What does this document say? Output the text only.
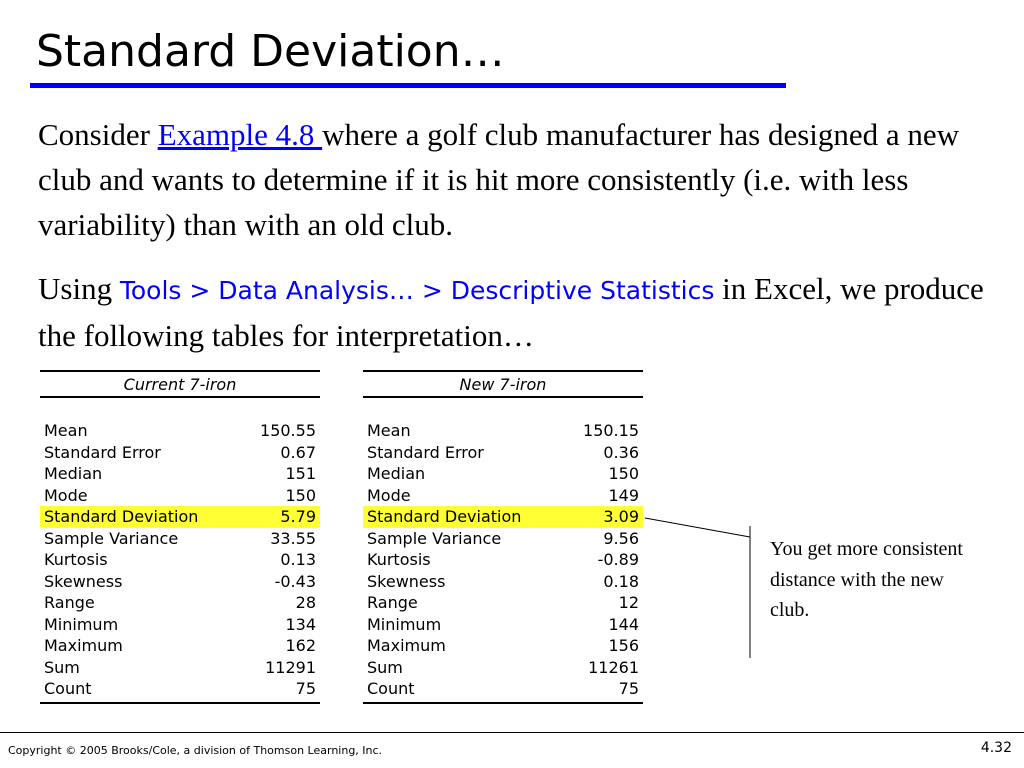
Standard Deviation…

Consider Example 4.8 where a golf club manufacturer has designed a new club and wants to determine if it is hit more consistently (i.e. with less variability) than with an old club.

Using Tools > Data Analysis… > Descriptive Statistics in Excel, we produce the following tables for interpretation…

Current 7-iron
Mean	150.55
Standard Error	0.67
Median	151
Mode	150
Standard Deviation	5.79
Sample Variance	33.55
Kurtosis	0.13
Skewness	-0.43
Range	28
Minimum	134
Maximum	162
Sum	11291
Count	75
New 7-iron
Mean	150.15
Standard Error	0.36
Median	150
Mode	149
Standard Deviation	3.09
Sample Variance	9.56
Kurtosis	-0.89
Skewness	0.18
Range	12
Minimum	144
Maximum	156
Sum	11261
Count	75
You get more consistent distance with the new club.
Copyright © 2005 Brooks/Cole, a division of Thomson Learning, Inc.	4.32
